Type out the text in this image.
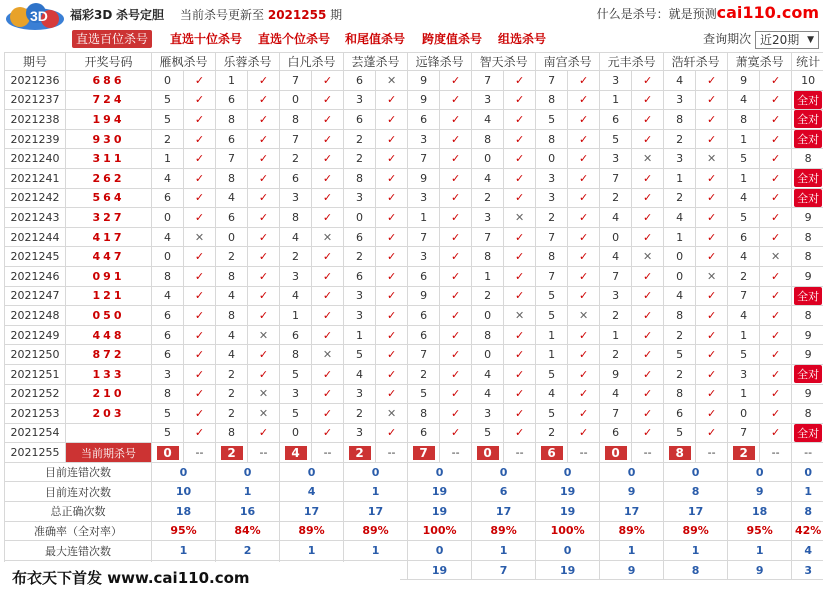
3D 福彩3D 杀号定胆 当前杀号更新至 2021255 期	什么是杀号：就是预测cai110.com
直选百位杀号	直选十位杀号	直选个位杀号	和尾值杀号	跨度值杀号	组选杀号	查询期次 近20期 ▼
期号	开奖号码	雁枫杀号		乐蓉杀号		白凡杀号		芸蓬杀号		远锋杀号		智天杀号		南宫杀号		元丰杀号		浩轩杀号		萧寞杀号		统计
2021236	686	0	✓	1	✓	7	✓	6	✕	9	✓	7	✓	7	✓	3	✓	4	✓	9	✓	10
2021237	724	5	✓	6	✓	0	✓	3	✓	9	✓	3	✓	8	✓	1	✓	3	✓	4	✓	全对
2021238	194	5	✓	8	✓	8	✓	6	✓	6	✓	4	✓	5	✓	6	✓	8	✓	8	✓	全对
2021239	930	2	✓	6	✓	7	✓	2	✓	3	✓	8	✓	8	✓	5	✓	2	✓	1	✓	全对
2021240	311	1	✓	7	✓	2	✓	2	✓	7	✓	0	✓	0	✓	3	✕	3	✕	5	✓	8
2021241	262	4	✓	8	✓	6	✓	8	✓	9	✓	4	✓	3	✓	7	✓	1	✓	1	✓	全对
2021242	564	6	✓	4	✓	3	✓	3	✓	3	✓	2	✓	3	✓	2	✓	2	✓	4	✓	全对
2021243	327	0	✓	6	✓	8	✓	0	✓	1	✓	3	✕	2	✓	4	✓	4	✓	5	✓	9
2021244	417	4	✕	0	✓	4	✕	6	✓	7	✓	7	✓	7	✓	0	✓	1	✓	6	✓	8
2021245	447	0	✓	2	✓	2	✓	2	✓	3	✓	8	✓	8	✓	4	✕	0	✓	4	✕	8
2021246	091	8	✓	8	✓	3	✓	6	✓	6	✓	1	✓	7	✓	7	✓	0	✕	2	✓	9
2021247	121	4	✓	4	✓	4	✓	3	✓	9	✓	2	✓	5	✓	3	✓	4	✓	7	✓	全对
2021248	050	6	✓	8	✓	1	✓	3	✓	6	✓	0	✕	5	✕	2	✓	8	✓	4	✓	8
2021249	448	6	✓	4	✕	6	✓	1	✓	6	✓	8	✓	1	✓	1	✓	2	✓	1	✓	9
2021250	872	6	✓	4	✓	8	✕	5	✓	7	✓	0	✓	1	✓	2	✓	5	✓	5	✓	9
2021251	133	3	✓	2	✓	5	✓	4	✓	2	✓	4	✓	5	✓	9	✓	2	✓	3	✓	全对
2021252	210	8	✓	2	✕	3	✓	3	✓	5	✓	4	✓	4	✓	4	✓	8	✓	1	✓	9
2021253	203	5	✓	2	✕	5	✓	2	✕	8	✓	3	✓	5	✓	7	✓	6	✓	0	✓	8
2021254		5	✓	8	✓	0	✓	3	✓	6	✓	5	✓	2	✓	6	✓	5	✓	7	✓	全对
2021255	当前期杀号	0	--	2	--	4	--	2	--	7	--	0	--	6	--	0	--	8	--	2	--	--
目前连错次数		0		0		0		0		0		0		0		0		0		0		0
目前连对次数		10		1		4		1		19		6		19		9		8		9		1
总正确次数		18		16		17		17		19		17		19		17		17		18		8
准确率（全对率）		95%		84%		89%		89%		100%		89%		100%		89%		89%		95%		42%
最大连错次数		1		2		1		1		0		1		0		1		1		1		4
					19		7		19		9		8		9		3
布衣天下首发 www.cai110.com
